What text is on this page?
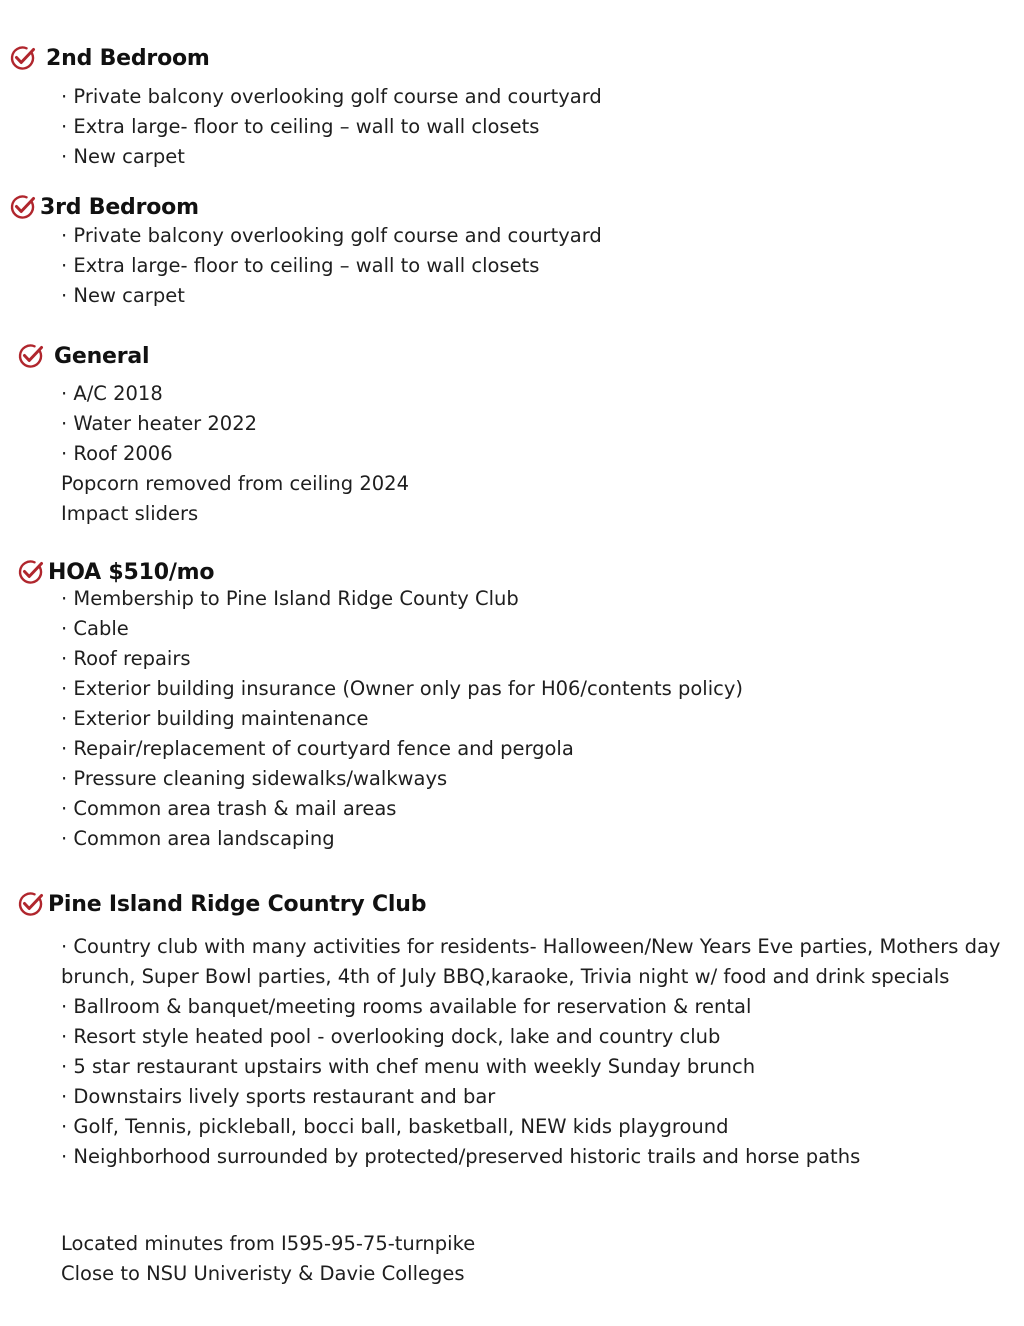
2nd Bedroom
· Private balcony overlooking golf course and courtyard
· Extra large- floor to ceiling – wall to wall closets
· New carpet
3rd Bedroom
· Private balcony overlooking golf course and courtyard
· Extra large- floor to ceiling – wall to wall closets
· New carpet
General
· A/C 2018
· Water heater 2022
· Roof 2006
Popcorn removed from ceiling 2024
Impact sliders
HOA $510/mo
· Membership to Pine Island Ridge County Club
· Cable
· Roof repairs
· Exterior building insurance (Owner only pas for H06/contents policy)
· Exterior building maintenance
· Repair/replacement of courtyard fence and pergola
· Pressure cleaning sidewalks/walkways
· Common area trash & mail areas
· Common area landscaping
Pine Island Ridge Country Club
· Country club with many activities for residents- Halloween/New Years Eve parties, Mothers day
brunch, Super Bowl parties, 4th of July BBQ,karaoke, Trivia night w/ food and drink specials
· Ballroom & banquet/meeting rooms available for reservation & rental
· Resort style heated pool - overlooking dock, lake and country club
· 5 star restaurant upstairs with chef menu with weekly Sunday brunch
· Downstairs lively sports restaurant and bar
· Golf, Tennis, pickleball, bocci ball, basketball, NEW kids playground
· Neighborhood surrounded by protected/preserved historic trails and horse paths
Located minutes from I595-95-75-turnpike
Close to NSU Univeristy & Davie Colleges
